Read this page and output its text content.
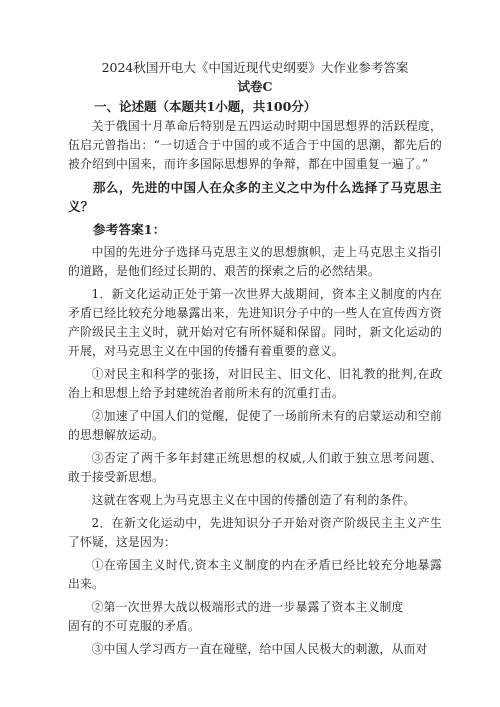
2024秋国开电大《中国近现代史纲要》大作业参考答案
试卷C
一、论述题（本题共1小题，共100分）

关于俄国十月革命后特别是五四运动时期中国思想界的活跃程度，伍启元曾指出：“一切适合于中国的或不适合于中国的思潮，都先后的被介绍到中国来，而许多国际思想界的争辩，都在中国重复一遍了。”

那么，先进的中国人在众多的主义之中为什么选择了马克思主义？

参考答案1：

中国的先进分子选择马克思主义的思想旗帜，走上马克思主义指引的道路，是他们经过长期的、艰苦的探索之后的必然结果。

1．新文化运动正处于第一次世界大战期间，资本主义制度的内在矛盾已经比较充分地暴露出来，先进知识分子中的一些人在宣传西方资产阶级民主主义时，就开始对它有所怀疑和保留。同时，新文化运动的开展，对马克思主义在中国的传播有着重要的意义。

①对民主和科学的张扬，对旧民主、旧文化、旧礼教的批判,在政治上和思想上给予封建统治者前所未有的沉重打击。

②加速了中国人们的觉醒，促使了一场前所未有的启蒙运动和空前的思想解放运动。

③否定了两千多年封建正统思想的权威,人们敢于独立思考问题、敢于接受新思想。

这就在客观上为马克思主义在中国的传播创造了有利的条件。

2．在新文化运动中，先进知识分子开始对资产阶级民主主义产生了怀疑，这是因为：

①在帝国主义时代,资本主义制度的内在矛盾已经比较充分地暴露出来。

②第一次世界大战以极端形式的进一步暴露了资本主义制度

固有的不可克服的矛盾。

③中国人学习西方一直在碰壁，给中国人民极大的刺激，从而对
